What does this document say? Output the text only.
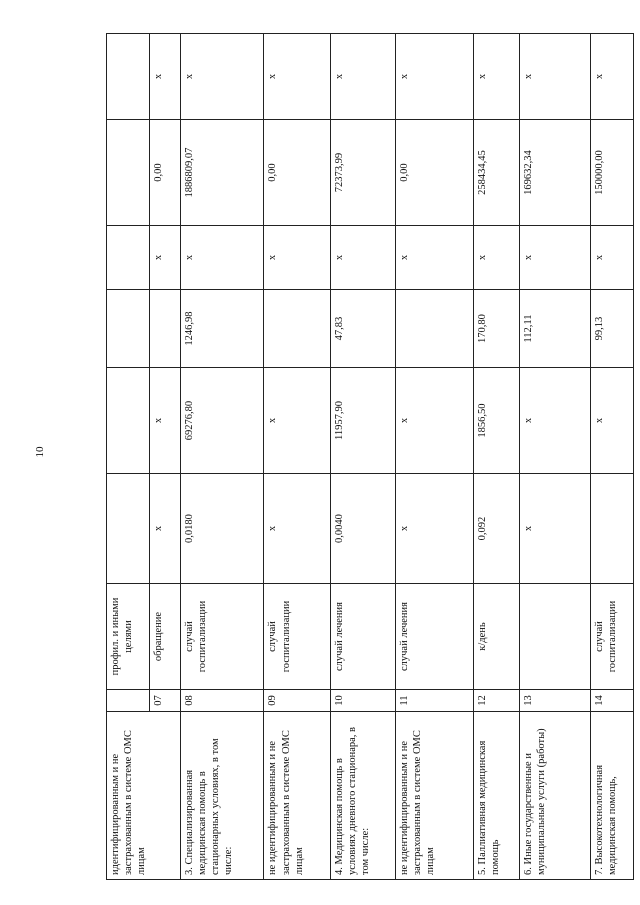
10
идентифицированным и не застрахованным в системе ОМС лицам		профил. и иными целями						
	07	обращение	x	x		x	0,00	x
3. Специализированная медицинская помощь в стационарных условиях, в том числе:	08	случай госпитализации	0,0180	69276,80	1246,98	x	1886809,07	x
не идентифицированным и не застрахованным в системе ОМС лицам	09	случай госпитализации	x	x		x	0,00	x
4. Медицинская помощь в условиях дневного стационара, в том числе:	10	случай лечения	0,0040	11957,90	47,83	x	72373,99	x
не идентифицированным и не застрахованным в системе ОМС лицам	11	случай лечения	x	x		x	0,00	x
5. Паллиативная медицинская помощь	12	к/день	0,092	1856,50	170,80	x	258434,45	x
6. Иные государственные и муниципальные услуги (работы)	13		x	x	112,11	x	169632,34	x
7. Высокотехнологичная медицинская помощь,	14	случай госпитализации		x	99,13	x	150000,00	x
